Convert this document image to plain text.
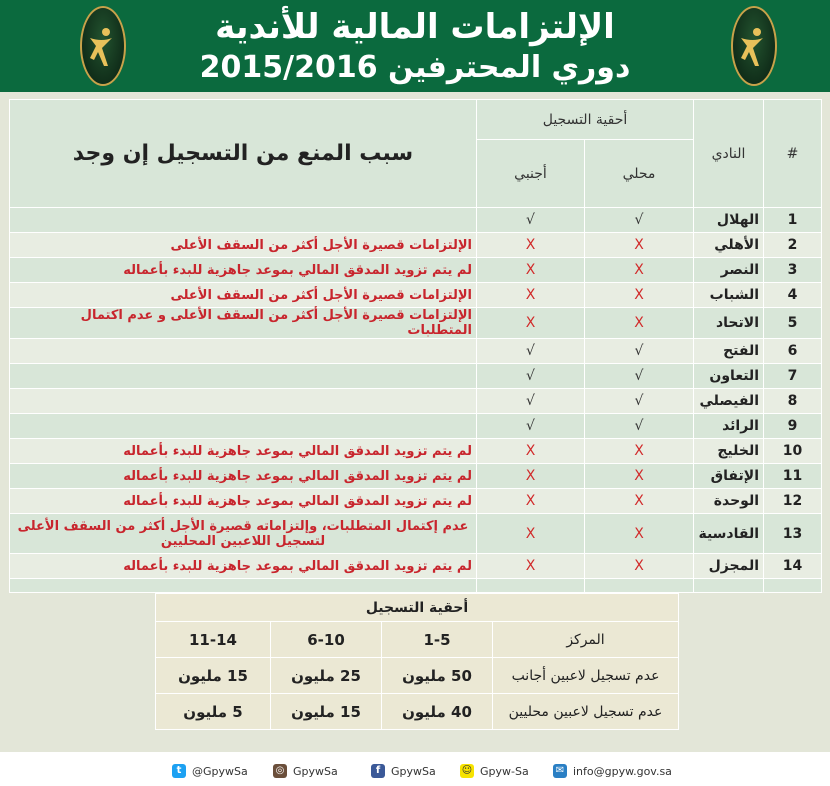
الإلتزامات المالية للأندية
دوري المحترفين 2015/2016
#	النادي	أحقية التسجيل		سبب المنع من التسجيل إن وجد
		محلي	أجنبي	
1	الهلال	√	√	
2	الأهلي	X	X	الإلتزامات قصيرة الأجل أكثر من السقف الأعلى
3	النصر	X	X	لم يتم تزويد المدقق المالي بموعد جاهزية للبدء بأعماله
4	الشباب	X	X	الإلتزامات قصيرة الأجل أكثر من السقف الأعلى
5	الاتحاد	X	X	الإلتزامات قصيرة الأجل أكثر من السقف الأعلى و عدم اكتمال المتطلبات
6	الفتح	√	√	
7	التعاون	√	√	
8	الفيصلي	√	√	
9	الرائد	√	√	
10	الخليج	X	X	لم يتم تزويد المدقق المالي بموعد جاهزية للبدء بأعماله
11	الإتفاق	X	X	لم يتم تزويد المدقق المالي بموعد جاهزية للبدء بأعماله
12	الوحدة	X	X	لم يتم تزويد المدقق المالي بموعد جاهزية للبدء بأعماله
13	القادسية	X	X	عدم إكتمال المتطلبات، وإلتزاماته قصيرة الأجل أكثر من السقف الأعلى لتسجيل اللاعبين المحليين
14	المجزل	X	X	لم يتم تزويد المدقق المالي بموعد جاهزية للبدء بأعماله

أحقية التسجيل			
المركز	1-5	6-10	11-14
عدم تسجيل لاعبين أجانب	50 مليون	25 مليون	15 مليون
عدم تسجيل لاعبين محليين	40 مليون	15 مليون	5 مليون
t @GpywSa	◎ GpywSa	f GpywSa	☺ Gpyw-Sa	✉ info@gpyw.gov.sa
